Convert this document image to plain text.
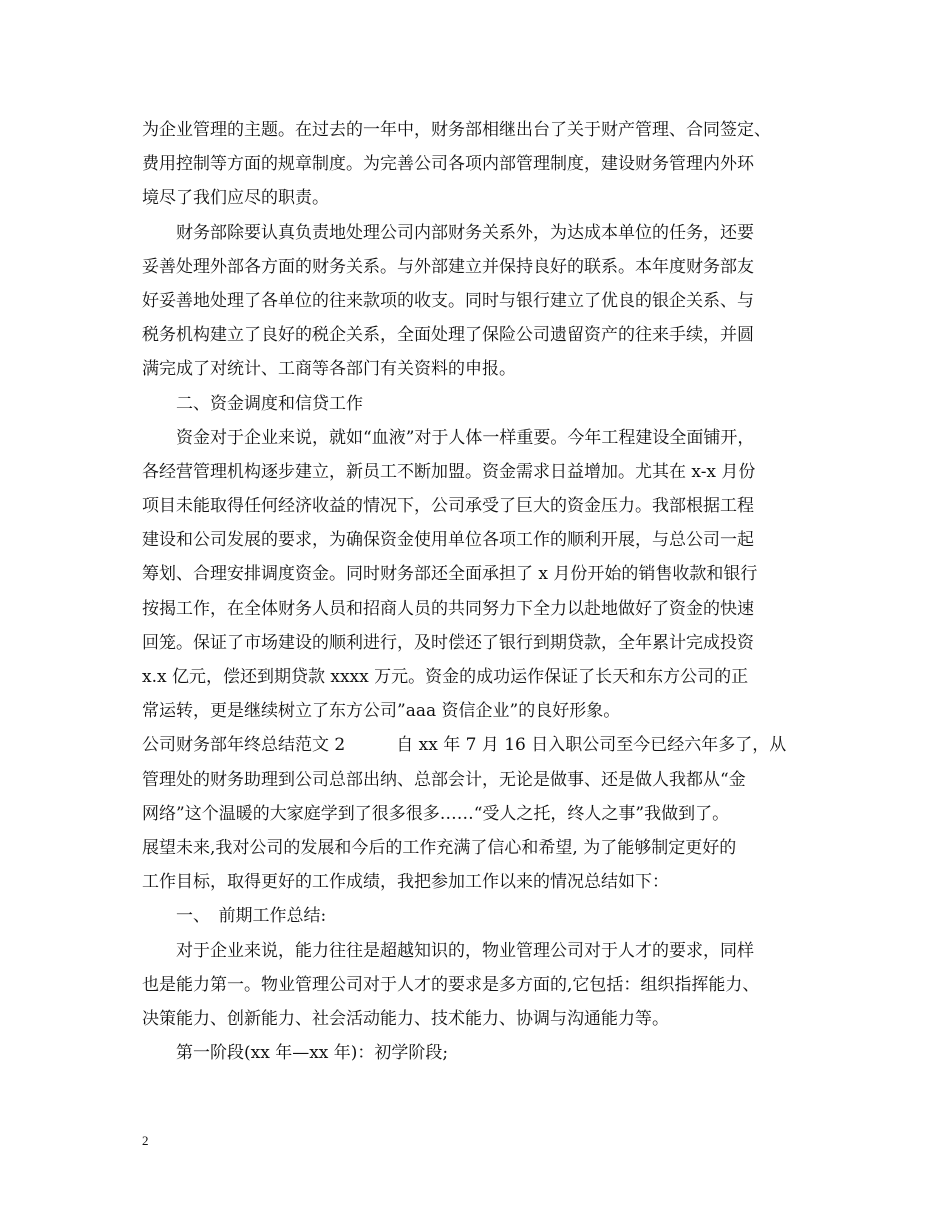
为企业管理的主题。在过去的一年中，财务部相继出台了关于财产管理、合同签定、
费用控制等方面的规章制度。为完善公司各项内部管理制度，建设财务管理内外环
境尽了我们应尽的职责。
财务部除要认真负责地处理公司内部财务关系外，为达成本单位的任务，还要
妥善处理外部各方面的财务关系。与外部建立并保持良好的联系。本年度财务部友
好妥善地处理了各单位的往来款项的收支。同时与银行建立了优良的银企关系、与
税务机构建立了良好的税企关系，全面处理了保险公司遗留资产的往来手续，并圆
满完成了对统计、工商等各部门有关资料的申报。
二、资金调度和信贷工作
资金对于企业来说，就如“血液”对于人体一样重要。今年工程建设全面铺开，
各经营管理机构逐步建立，新员工不断加盟。资金需求日益增加。尤其在 x-x 月份
项目未能取得任何经济收益的情况下，公司承受了巨大的资金压力。我部根据工程
建设和公司发展的要求，为确保资金使用单位各项工作的顺利开展，与总公司一起
筹划、合理安排调度资金。同时财务部还全面承担了 x 月份开始的销售收款和银行
按揭工作，在全体财务人员和招商人员的共同努力下全力以赴地做好了资金的快速
回笼。保证了市场建设的顺利进行，及时偿还了银行到期贷款，全年累计完成投资
x.x 亿元，偿还到期贷款 xxxx 万元。资金的成功运作保证了长天和东方公司的正
常运转，更是继续树立了东方公司”aaa 资信企业”的良好形象。
公司财务部年终总结范文 2　　　自 xx 年 7 月 16 日入职公司至今已经六年多了，从
管理处的财务助理到公司总部出纳、总部会计，无论是做事、还是做人我都从“金
网络”这个温暖的大家庭学到了很多很多……“受人之托，终人之事”我做到了。
展望未来,我对公司的发展和今后的工作充满了信心和希望, 为了能够制定更好的
工作目标，取得更好的工作成绩，我把参加工作以来的情况总结如下：
一、　前期工作总结:
对于企业来说，能力往往是超越知识的，物业管理公司对于人才的要求，同样
也是能力第一。物业管理公司对于人才的要求是多方面的,它包括：组织指挥能力、
决策能力、创新能力、社会活动能力、技术能力、协调与沟通能力等。
第一阶段(xx 年—xx 年)：初学阶段;
2
